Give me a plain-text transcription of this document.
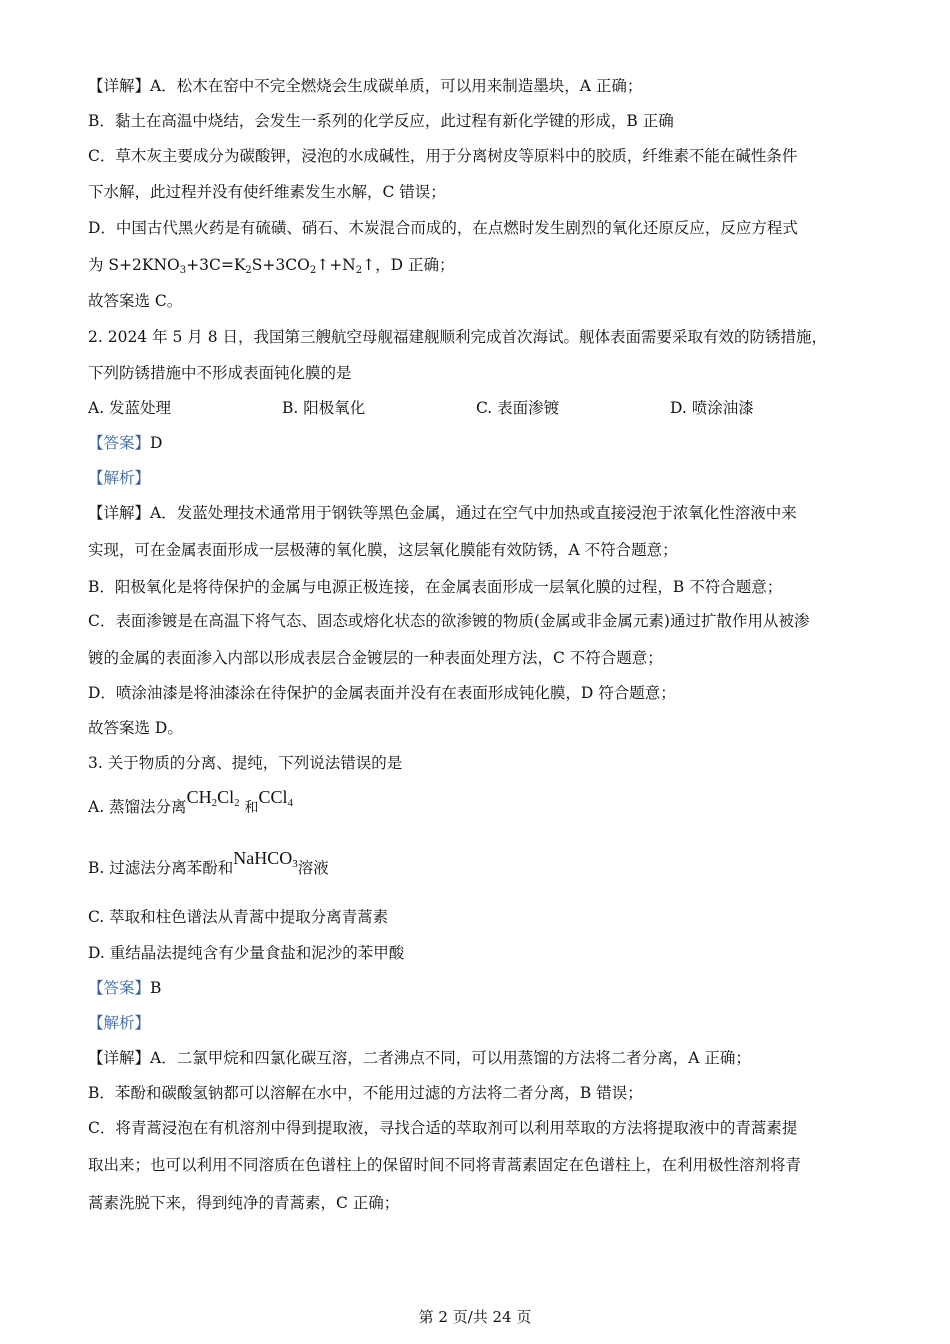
【详解】A．松木在窑中不完全燃烧会生成碳单质，可以用来制造墨块，A 正确；
B．黏土在高温中烧结，会发生一系列的化学反应，此过程有新化学键的形成，B 正确
C．草木灰主要成分为碳酸钾，浸泡的水成碱性，用于分离树皮等原料中的胶质，纤维素不能在碱性条件
下水解，此过程并没有使纤维素发生水解，C 错误；
D．中国古代黑火药是有硫磺、硝石、木炭混合而成的，在点燃时发生剧烈的氧化还原反应，反应方程式
为 $S+2KNO_3+3C=K_2S+3CO_2↑+N_2↑$，D 正确；
故答案选 C。
2. 2024 年 5 月 8 日，我国第三艘航空母舰福建舰顺利完成首次海试。舰体表面需要采取有效的防锈措施，
下列防锈措施中不形成表面钝化膜的是
A. 发蓝处理	B. 阳极氧化	C. 表面渗镀	D. 喷涂油漆
【答案】D
【解析】
【详解】A．发蓝处理技术通常用于钢铁等黑色金属，通过在空气中加热或直接浸泡于浓氧化性溶液中来
实现，可在金属表面形成一层极薄的氧化膜，这层氧化膜能有效防锈，A 不符合题意；
B．阳极氧化是将待保护的金属与电源正极连接，在金属表面形成一层氧化膜的过程，B 不符合题意；
C．表面渗镀是在高温下将气态、固态或熔化状态的欲渗镀的物质(金属或非金属元素)通过扩散作用从被渗
镀的金属的表面渗入内部以形成表层合金镀层的一种表面处理方法，C 不符合题意；
D．喷涂油漆是将油漆涂在待保护的金属表面并没有在表面形成钝化膜，D 符合题意；
故答案选 D。
3. 关于物质的分离、提纯，下列说法错误的是
A. 蒸馏法分离$CH_2Cl_2$ 和CCl$_4$
B. 过滤法分离苯酚和NaHCO$_3$溶液
C. 萃取和柱色谱法从青蒿中提取分离青蒿素
D. 重结晶法提纯含有少量食盐和泥沙的苯甲酸
【答案】B
【解析】
【详解】A．二氯甲烷和四氯化碳互溶，二者沸点不同，可以用蒸馏的方法将二者分离，A 正确；
B．苯酚和碳酸氢钠都可以溶解在水中，不能用过滤的方法将二者分离，B 错误；
C．将青蒿浸泡在有机溶剂中得到提取液，寻找合适的萃取剂可以利用萃取的方法将提取液中的青蒿素提
取出来；也可以利用不同溶质在色谱柱上的保留时间不同将青蒿素固定在色谱柱上，在利用极性溶剂将青
蒿素洗脱下来，得到纯净的青蒿素，C 正确；
第 2 页/共 24 页
